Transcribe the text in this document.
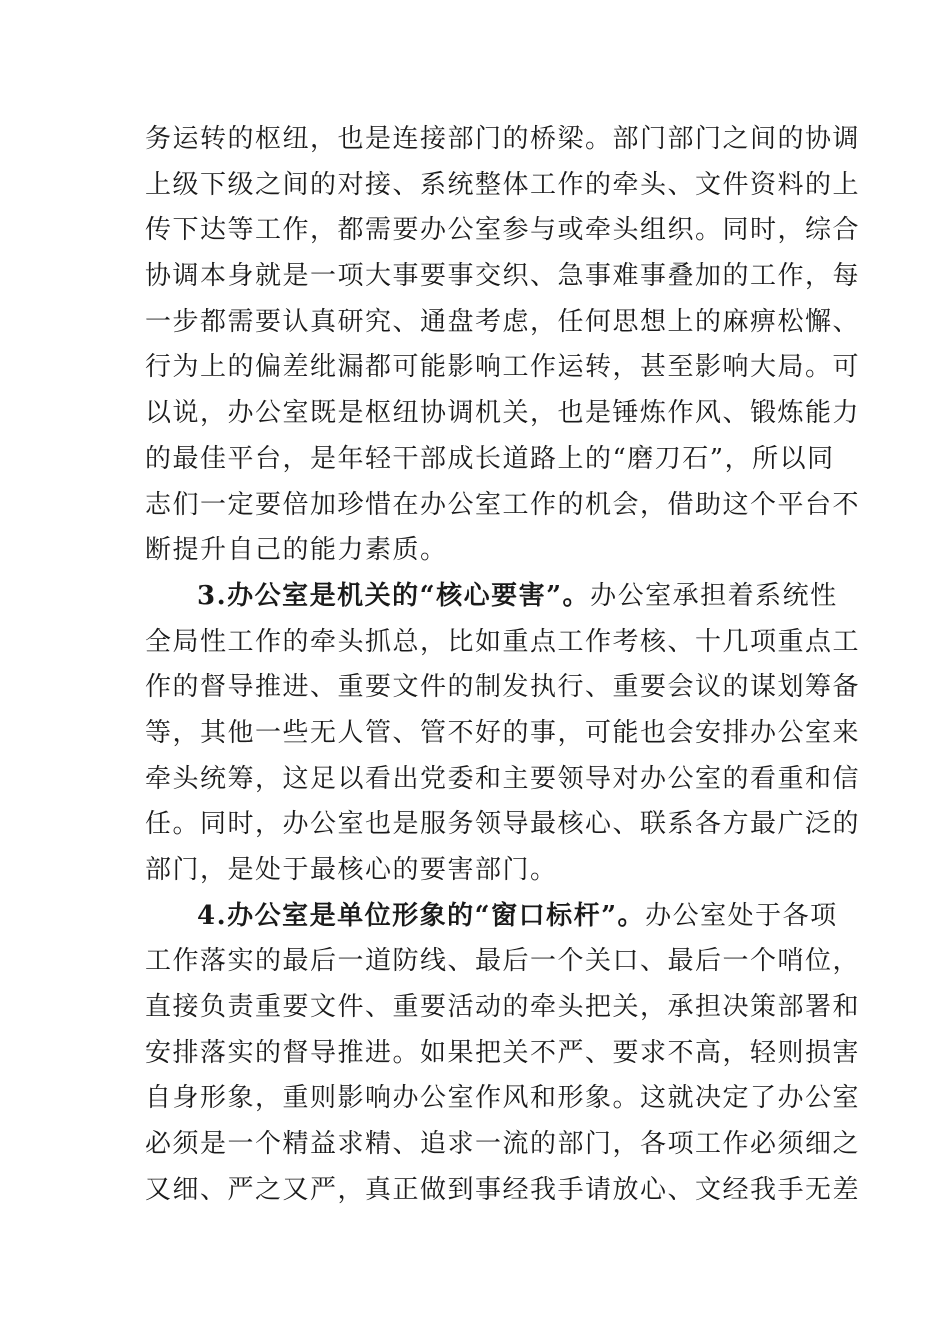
务运转的枢纽，也是连接部门的桥梁。部门部门之间的协调
上级下级之间的对接、系统整体工作的牵头、文件资料的上
传下达等工作，都需要办公室参与或牵头组织。同时，综合
协调本身就是一项大事要事交织、急事难事叠加的工作，每
一步都需要认真研究、通盘考虑，任何思想上的麻痹松懈、
行为上的偏差纰漏都可能影响工作运转，甚至影响大局。可
以说，办公室既是枢纽协调机关，也是锤炼作风、锻炼能力
的最佳平台，是年轻干部成长道路上的“磨刀石”，所以同
志们一定要倍加珍惜在办公室工作的机会，借助这个平台不
断提升自己的能力素质。
3.办公室是机关的“核心要害”。办公室承担着系统性
全局性工作的牵头抓总，比如重点工作考核、十几项重点工
作的督导推进、重要文件的制发执行、重要会议的谋划筹备
等，其他一些无人管、管不好的事，可能也会安排办公室来
牵头统筹，这足以看出党委和主要领导对办公室的看重和信
任。同时，办公室也是服务领导最核心、联系各方最广泛的
部门，是处于最核心的要害部门。
4.办公室是单位形象的“窗口标杆”。办公室处于各项
工作落实的最后一道防线、最后一个关口、最后一个哨位，
直接负责重要文件、重要活动的牵头把关，承担决策部署和
安排落实的督导推进。如果把关不严、要求不高，轻则损害
自身形象，重则影响办公室作风和形象。这就决定了办公室
必须是一个精益求精、追求一流的部门，各项工作必须细之
又细、严之又严，真正做到事经我手请放心、文经我手无差
